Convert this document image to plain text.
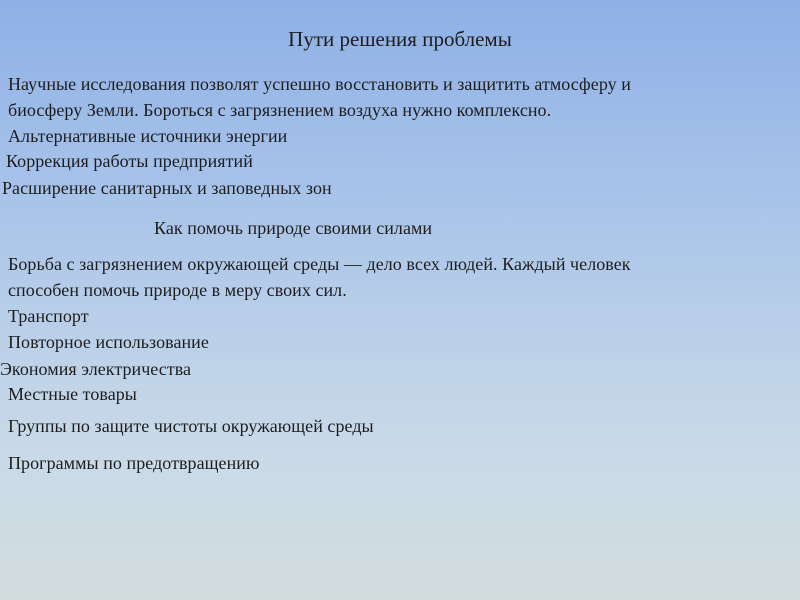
Пути решения проблемы
Научные исследования позволят успешно восстановить и защитить атмосферу и
биосферу Земли. Бороться с загрязнением воздуха нужно комплексно.
Альтернативные источники энергии
Коррекция работы предприятий
Расширение санитарных и заповедных зон
Как помочь природе своими силами
Борьба с загрязнением окружающей среды — дело всех людей. Каждый человек
способен помочь природе в меру своих сил.
Транспорт
Повторное использование
Экономия электричества
Местные товары
Группы по защите чистоты окружающей среды
Программы по предотвращению
